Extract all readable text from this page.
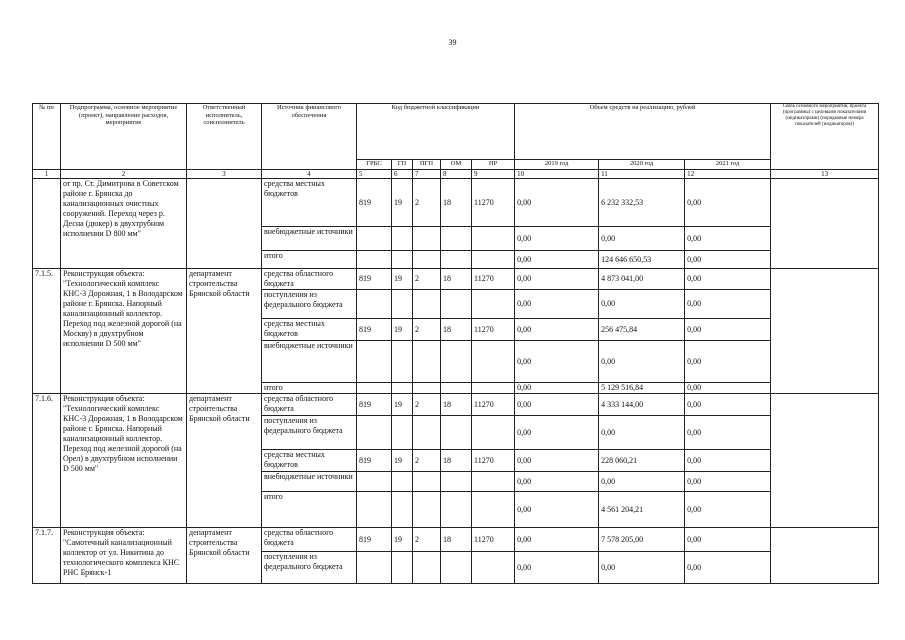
39
№ пп	Подпрограмма, основное мероприятие (проект), направление расходов, мероприятие	Ответственный исполнитель, соисполнитель	Источник финансового обеспечения	Код бюджетной классификации					Объем средств на реализацию, рублей			Связь основного мероприятия, проекта (программы) с целевыми показателями (индикаторами) (порядковые номера показателей (индикаторов))
				ГРБС	ГП	ПГП	ОМ	НР	2019 год	2020 год	2021 год	
1	2	3	4	5	6	7	8	9	10	11	12	13
	от пр. Ст. Димитрова в Советском районе г. Брянска до канализационных очистных сооружений. Переход через р. Десна (дюкер) в двухтрубном исполнении D 800 мм"		средства местных бюджетов	819	19	2	18	11270	0,00	6 232 332,53	0,00	
			внебюджетные источники						0,00	0,00	0,00	
			итого						0,00	124 646 650,53	0,00	
7.1.5.	Реконструкция объекта: "Технологический комплекс КНС-3 Дорожная, 1 в Володарском районе г. Брянска. Напорный канализационный коллектор. Переход под железной дорогой (на Москву) в двухтрубном исполнении D 500 мм"	департамент строительства Брянской области	средства областного бюджета	819	19	2	18	11270	0,00	4 873 041,00	0,00	
			поступления из федерального бюджета						0,00	0,00	0,00	
			средства местных бюджетов	819	19	2	18	11270	0,00	256 475,84	0,00	
			внебюджетные источники						0,00	0,00	0,00	
			итого						0,00	5 129 516,84	0,00	
7.1.6.	Реконструкция объекта: "Технологический комплекс КНС-3 Дорожная, 1 в Володарском районе г. Брянска. Напорный канализационный коллектор. Переход под железной дорогой (на Орел) в двухтрубном исполнении D 500 мм"	департамент строительства Брянской области	средства областного бюджета	819	19	2	18	11270	0,00	4 333 144,00	0,00	
			поступления из федерального бюджета						0,00	0,00	0,00	
			средства местных бюджетов	819	19	2	18	11270	0,00	228 060,21	0,00	
			внебюджетные источники						0,00	0,00	0,00	
			итого						0,00	4 561 204,21	0,00	
7.1.7.	Реконструкция объекта: "Самотечный канализационный коллектор от ул. Никитина до технологического комплекса КНС РНС Брянск-1	департамент строительства Брянской области	средства областного бюджета	819	19	2	18	11270	0,00	7 578 205,00	0,00	
			поступления из федерального бюджета						0,00	0,00	0,00	
